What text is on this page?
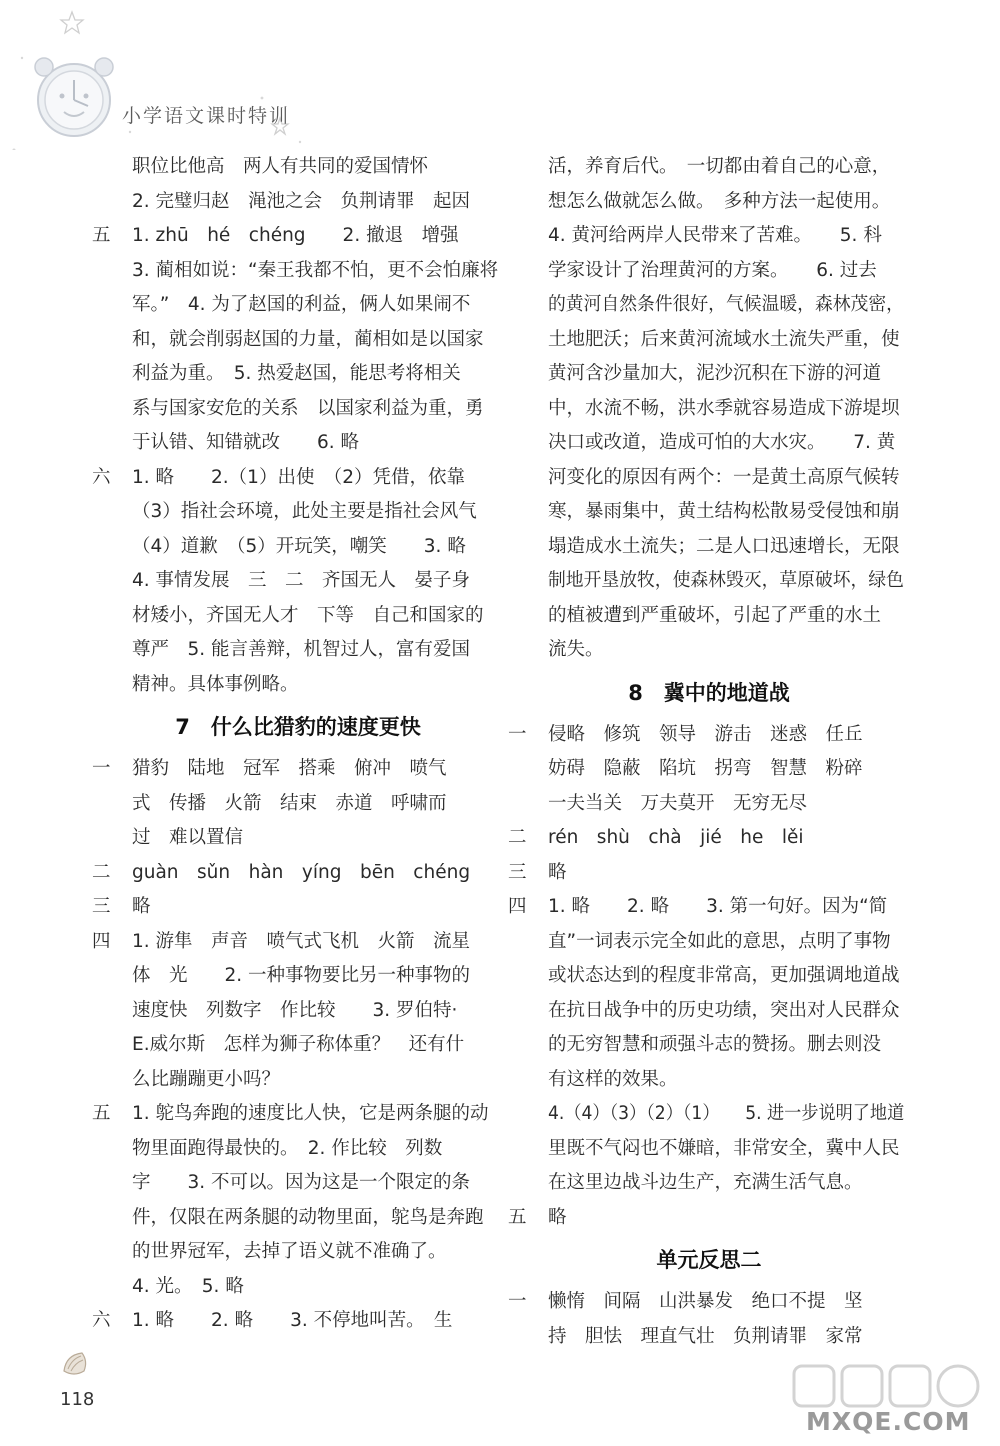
小学语文课时特训
职位比他高　两人有共同的爱国情怀
2. 完璧归赵　渑池之会　负荆请罪　起因
五	1. zhū　hé　chéng　　2. 撤退　增强
3. 蔺相如说：“秦王我都不怕，更不会怕廉将
军。”　4. 为了赵国的利益，俩人如果闹不
和，就会削弱赵国的力量，蔺相如是以国家
利益为重。　5. 热爱赵国，能思考将相关
系与国家安危的关系　以国家利益为重，勇
于认错、知错就改　　6. 略
六	1. 略　　2.（1）出使　（2）凭借，依靠
（3）指社会环境，此处主要是指社会风气
（4）道歉　（5）开玩笑，嘲笑　　3. 略
4. 事情发展　三　二　齐国无人　晏子身
材矮小，齐国无人才　下等　自己和国家的
尊严　5. 能言善辩，机智过人，富有爱国
精神。具体事例略。
7　什么比猎豹的速度更快
一	猎豹　陆地　冠军　搭乘　俯冲　喷气
式　传播　火箭　结束　赤道　呼啸而
过　难以置信
二	guàn　sǔn　hàn　yíng　bēn　chéng
三	略
四	1. 游隼　声音　喷气式飞机　火箭　流星
体　光　　2. 一种事物要比另一种事物的
速度快　列数字　作比较　　3. 罗伯特·
E.威尔斯　怎样为狮子称体重？　还有什
么比蹦蹦更小吗？
五	1. 鸵鸟奔跑的速度比人快，它是两条腿的动
物里面跑得最快的。　2. 作比较　列数
字　　3. 不可以。因为这是一个限定的条
件，仅限在两条腿的动物里面，鸵鸟是奔跑
的世界冠军，去掉了语义就不准确了。
4. 光。　5. 略
六	1. 略　　2. 略　　3. 不停地叫苦。　生
活，养育后代。　一切都由着自己的心意，
想怎么做就怎么做。　多种方法一起使用。
4. 黄河给两岸人民带来了苦难。　　5. 科
学家设计了治理黄河的方案。　　6. 过去
的黄河自然条件很好，气候温暖，森林茂密，
土地肥沃；后来黄河流域水土流失严重，使
黄河含沙量加大，泥沙沉积在下游的河道
中，水流不畅，洪水季就容易造成下游堤坝
决口或改道，造成可怕的大水灾。　　7. 黄
河变化的原因有两个：一是黄土高原气候转
寒，暴雨集中，黄土结构松散易受侵蚀和崩
塌造成水土流失；二是人口迅速增长，无限
制地开垦放牧，使森林毁灭，草原破坏，绿色
的植被遭到严重破坏，引起了严重的水土
流失。
8　冀中的地道战
一	侵略　修筑　领导　游击　迷惑　任丘
妨碍　隐蔽　陷坑　拐弯　智慧　粉碎
一夫当关　万夫莫开　无穷无尽
二	rén　shù　chà　jié　he　lěi
三	略
四	1. 略　　2. 略　　3. 第一句好。因为“简
直”一词表示完全如此的意思，点明了事物
或状态达到的程度非常高，更加强调地道战
在抗日战争中的历史功绩，突出对人民群众
的无穷智慧和顽强斗志的赞扬。删去则没
有这样的效果。
4.（4）（3）（2）（1）　　5. 进一步说明了地道
里既不气闷也不嫌暗，非常安全，冀中人民
在这里边战斗边生产，充满生活气息。
五	略
单元反思二
一	懒惰　间隔　山洪暴发　绝口不提　坚
持　胆怯　理直气壮　负荆请罪　家常
118
MXQE.COM
